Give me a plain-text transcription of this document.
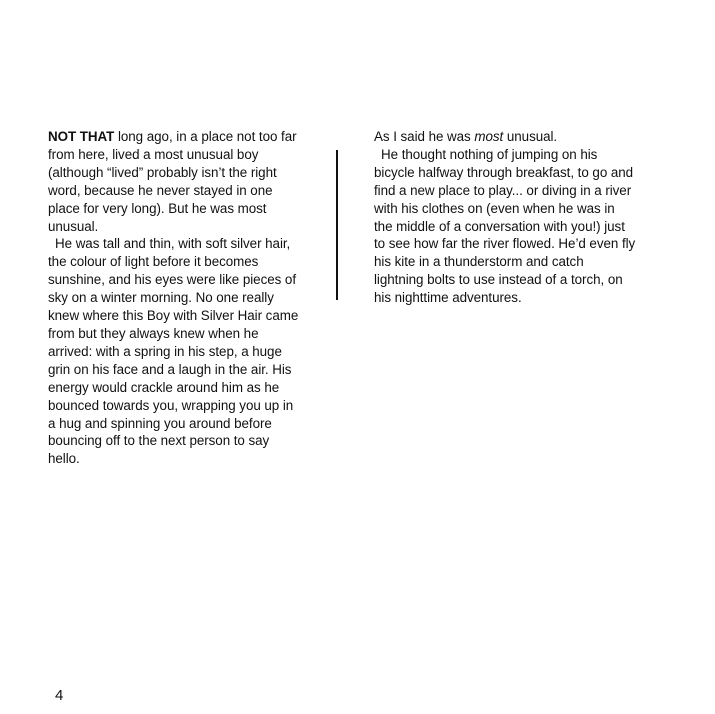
NOT THAT long ago, in a place not too far from here, lived a most unusual boy (although “lived” probably isn’t the right word, because he never stayed in one place for very long). But he was most unusual.

He was tall and thin, with soft silver hair, the colour of light before it becomes sunshine, and his eyes were like pieces of sky on a winter morning. No one really knew where this Boy with Silver Hair came from but they always knew when he arrived: with a spring in his step, a huge grin on his face and a laugh in the air. His energy would crackle around him as he bounced towards you, wrapping you up in a hug and spinning you around before bouncing off to the next person to say hello.

As I said he was most unusual.

He thought nothing of jumping on his bicycle halfway through breakfast, to go and find a new place to play... or diving in a river with his clothes on (even when he was in the middle of a conversation with you!) just to see how far the river flowed. He’d even fly his kite in a thunderstorm and catch lightning bolts to use instead of a torch, on his nighttime adventures.

4
